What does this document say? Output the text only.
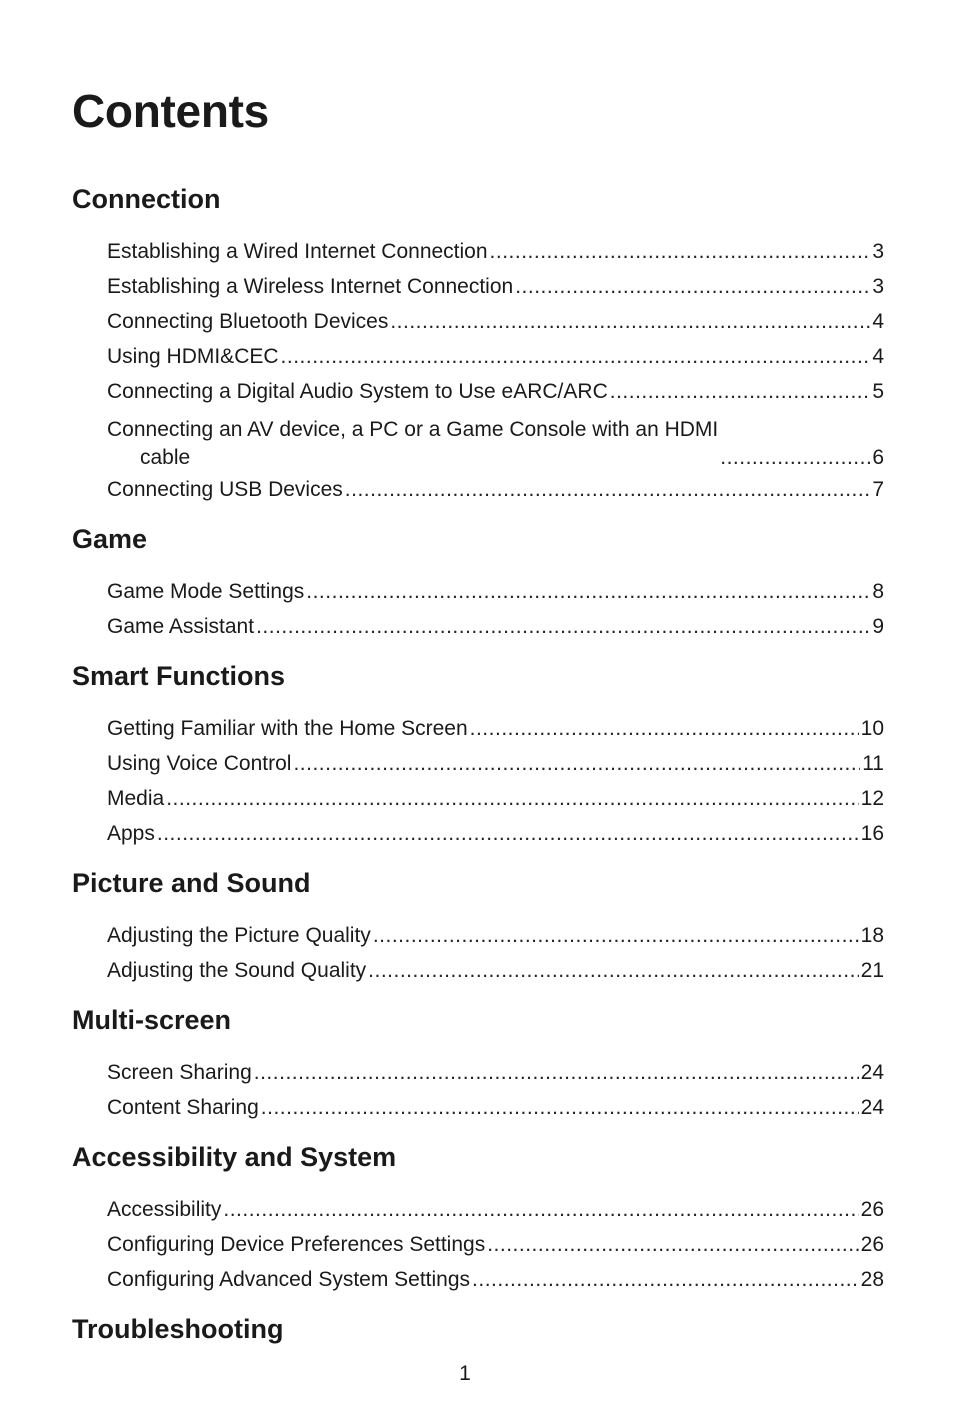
Contents
Connection
Establishing a Wired Internet Connection .....	3
Establishing a Wireless Internet Connection .....	3
Connecting Bluetooth Devices .....	4
Using HDMI&CEC .....	4
Connecting a Digital Audio System to Use eARC/ARC .....	5
Connecting an AV device, a PC or a Game Console with an HDMI
cable .....	6
Connecting USB Devices .....	7
Game
Game Mode Settings .....	8
Game Assistant .....	9
Smart Functions
Getting Familiar with the Home Screen .....	10
Using Voice Control .....	11
Media .....	12
Apps .....	16
Picture and Sound
Adjusting the Picture Quality .....	18
Adjusting the Sound Quality .....	21
Multi-screen
Screen Sharing .....	24
Content Sharing .....	24
Accessibility and System
Accessibility .....	26
Configuring Device Preferences Settings .....	26
Configuring Advanced System Settings .....	28
Troubleshooting
1
